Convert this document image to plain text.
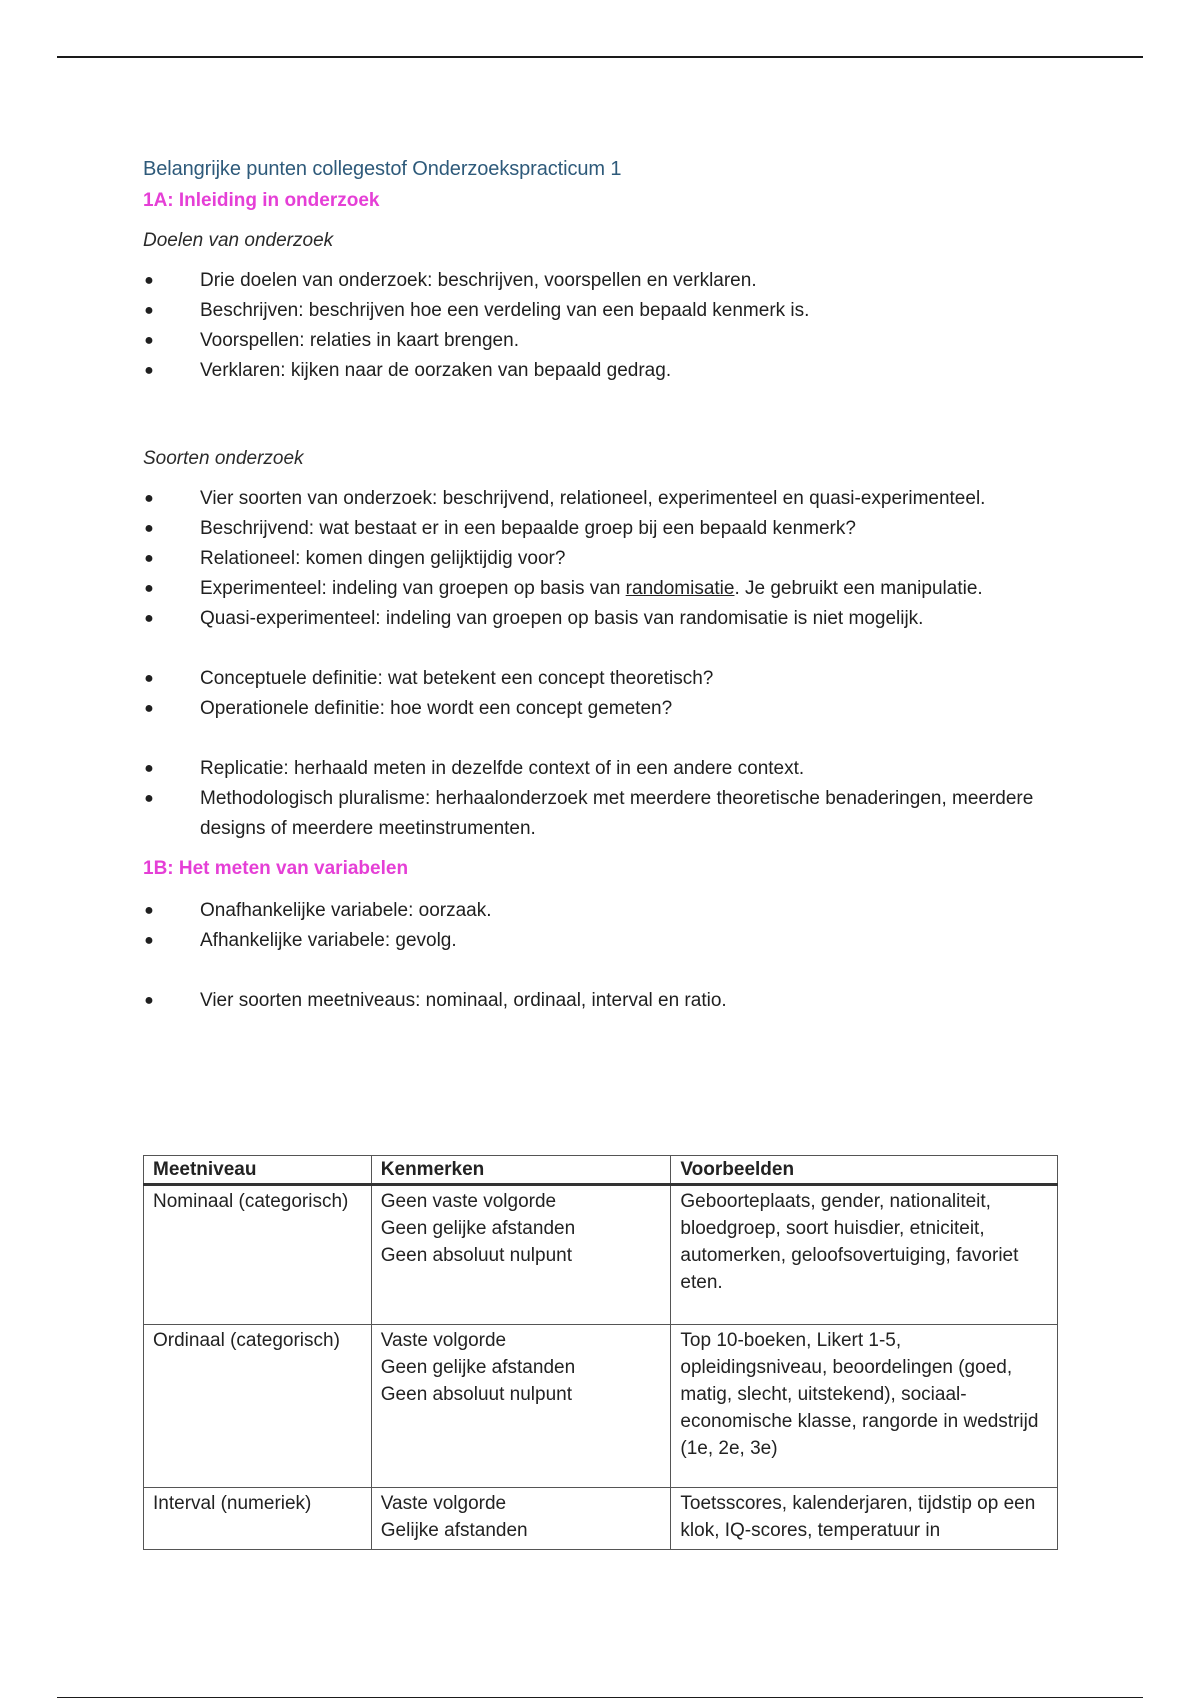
Belangrijke punten collegestof Onderzoekspracticum 1
1A: Inleiding in onderzoek
Doelen van onderzoek
● Drie doelen van onderzoek: beschrijven, voorspellen en verklaren.
● Beschrijven: beschrijven hoe een verdeling van een bepaald kenmerk is.
● Voorspellen: relaties in kaart brengen.
● Verklaren: kijken naar de oorzaken van bepaald gedrag.
Soorten onderzoek
● Vier soorten van onderzoek: beschrijvend, relationeel, experimenteel en quasi-experimenteel.
● Beschrijvend: wat bestaat er in een bepaalde groep bij een bepaald kenmerk?
● Relationeel: komen dingen gelijktijdig voor?
● Experimenteel: indeling van groepen op basis van randomisatie. Je gebruikt een manipulatie.
● Quasi-experimenteel: indeling van groepen op basis van randomisatie is niet mogelijk.
● Conceptuele definitie: wat betekent een concept theoretisch?
● Operationele definitie: hoe wordt een concept gemeten?
● Replicatie: herhaald meten in dezelfde context of in een andere context.
● Methodologisch pluralisme: herhaalonderzoek met meerdere theoretische benaderingen, meerdere designs of meerdere meetinstrumenten.
1B: Het meten van variabelen
● Onafhankelijke variabele: oorzaak.
● Afhankelijke variabele: gevolg.
● Vier soorten meetniveaus: nominaal, ordinaal, interval en ratio.
Meetniveau	Kenmerken	Voorbeelden
Nominaal (categorisch)	Geen vaste volgorde
Geen gelijke afstanden
Geen absoluut nulpunt	Geboorteplaats, gender, nationaliteit, bloedgroep, soort huisdier, etniciteit, automerken, geloofsovertuiging, favoriet eten.
Ordinaal (categorisch)	Vaste volgorde
Geen gelijke afstanden
Geen absoluut nulpunt	Top 10-boeken, Likert 1-5, opleidingsniveau, beoordelingen (goed, matig, slecht, uitstekend), sociaal-economische klasse, rangorde in wedstrijd (1e, 2e, 3e)
Interval (numeriek)	Vaste volgorde
Gelijke afstanden	Toetsscores, kalenderjaren, tijdstip op een klok, IQ-scores, temperatuur in
